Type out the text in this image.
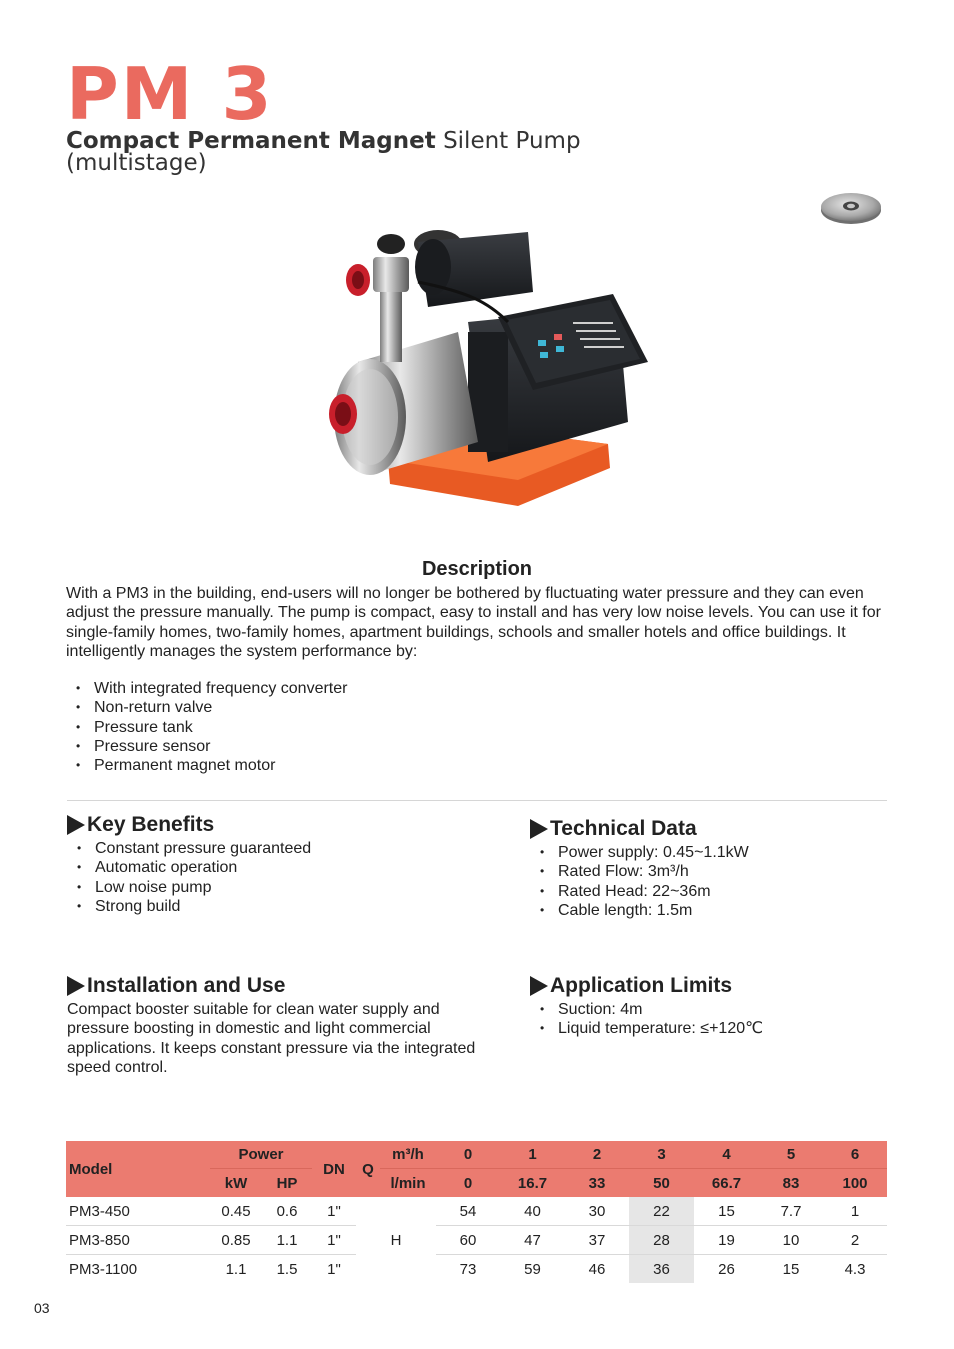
PM 3
Compact Permanent Magnet Silent Pump
(multistage)
Description
With a PM3 in the building, end-users will no longer be bothered by fluctuating water pressure and they can even adjust the pressure manually. The pump is compact, easy to install and has very low noise levels. You can use it for single-family homes, two-family homes, apartment buildings, schools and smaller hotels and office buildings. It intelligently manages the system performance by:
• With integrated frequency converter
• Non-return valve
• Pressure tank
• Pressure sensor
• Permanent magnet motor
Key Benefits
• Constant pressure guaranteed
• Automatic operation
• Low noise pump
• Strong build
Technical Data
• Power supply: 0.45~1.1kW
• Rated Flow: 3m³/h
• Rated Head: 22~36m
• Cable length: 1.5m
Installation and Use
Compact booster suitable for clean water supply and pressure boosting in domestic and light commercial applications. It keeps constant pressure via the integrated speed control.
Application Limits
• Suction: 4m
• Liquid temperature: ≤+120℃
Model	Power		DN	Q	m³/h	0	1	2	3	4	5	6
	kW	HP			l/min	0	16.7	33	50	66.7	83	100
PM3-450	0.45	0.6	1"			54	40	30	22	15	7.7	1
PM3-850	0.85	1.1	1"	H		60	47	37	28	19	10	2
PM3-1100	1.1	1.5	1"			73	59	46	36	26	15	4.3
03
